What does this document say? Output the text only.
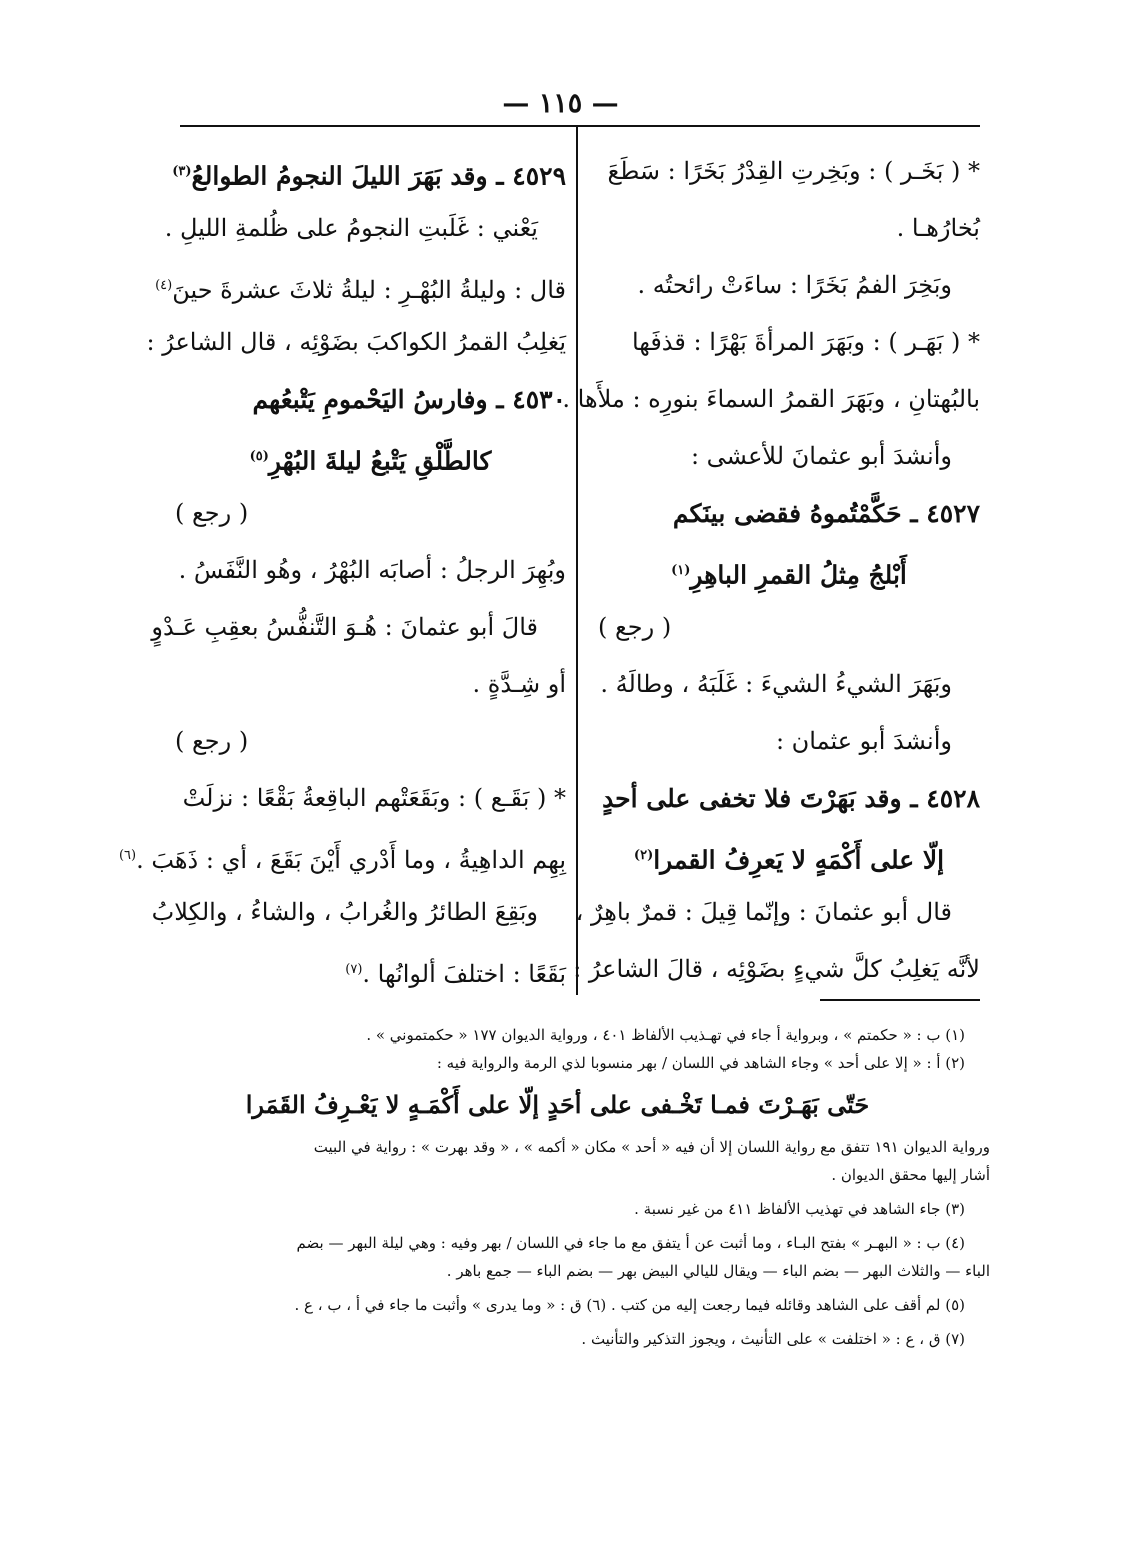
— ١١٥ —
* ( بَخَـر ) : وبَخِرتِ القِدْرُ بَخَرًا : سَطَعَ
بُخارُهـا .
وبَخِرَ الفمُ بَخَرًا : ساءَتْ رائحتُه .
* ( بَهَـر ) : وبَهَرَ المرأةَ بَهْرًا : قذفَها
بالبُهتانِ ، وبَهَرَ القمرُ السماءَ بنورِه : ملأَها .
وأنشدَ أبو عثمانَ للأعشى :
٤٥٢٧ ـ حَكَّمْتُموهُ فقضى بينَكم
أَبْلجُ مِثلُ القمرِ الباهِرِ$^{(١)}$
( رجع )
وبَهَرَ الشيءُ الشيءَ : غَلَبَهُ ، وطالَهُ .
وأنشدَ أبو عثمان :
٤٥٢٨ ـ وقد بَهَرْتَ فلا تخفى على أحدٍ
إلّا على أَكْمَهٍ لا يَعرِفُ القمرا$^{(٢)}$
قال أبو عثمانَ : وإنّما قِيلَ : قمرٌ باهِرٌ ،
لأنَّه يَغلِبُ كلَّ شيءٍ بضَوْئِه ، قالَ الشاعرُ :
٤٥٢٩ ـ وقد بَهَرَ الليلَ النجومُ الطوالعُ$^{(٣)}$
يَعْني : غَلَبتِ النجومُ على ظُلمةِ الليلِ .
قال : وليلةُ البُهْـرِ : ليلةُ ثلاثَ عشرةَ حينَ$^{(٤)}$
يَغلِبُ القمرُ الكواكبَ بضَوْئِه ، قال الشاعرُ :
٤٥٣٠ ـ وفارسُ اليَحْمومِ يَتْبعُهم
كالطَّلْقِ يَتْبعُ ليلةَ البُهْرِ$^{(٥)}$
( رجع )
وبُهِرَ الرجلُ : أصابَه البُهْرُ ، وهُو النَّفَسُ .
قالَ أبو عثمانَ : هُـوَ التَّنفُّسُ بعقِبِ عَـدْوٍ
أو شِـدَّةٍ .
( رجع )
* ( بَقَـع ) : وبَقَعَتْهم الباقِعةُ بَقْعًا : نزلَتْ
بِهِم الداهِيةُ ، وما أَدْري أَيْنَ بَقَعَ ، أي : ذَهَبَ .$^{(٦)}$
وبَقِعَ الطائرُ والغُرابُ ، والشاءُ ، والكِلابُ
بَقَعًا : اختلفَ ألوانُها .$^{(٧)}$
(١) ب : « حكمتم » ، وبرواية أ جاء في تهـذيب الألفاظ ٤٠١ ، ورواية الديوان ١٧٧ « حكمتموني » .
(٢) أ : « إلا على أحد » وجاء الشاهد في اللسان / بهر منسوبا لذي الرمة والرواية فيه :
حَتّى بَهَـرْتَ فمـا تَخْـفى على أحَدٍ إلّا على أَكْمَـهٍ لا يَعْـرِفُ القَمَرا
ورواية الديوان ١٩١ تتفق مع رواية اللسان إلا أن فيه « أحد » مكان « أكمه » ، « وقد بهرت » : رواية في البيت
أشار إليها محقق الديوان .
(٣) جاء الشاهد في تهذيب الألفاظ ٤١١ من غير نسبة .
(٤) ب : « البهـر » بفتح البـاء ، وما أثبت عن أ يتفق مع ما جاء في اللسان / بهر وفيه : وهي ليلة البهر — بضم
الباء — والثلاث البهر — بضم الباء — ويقال لليالي البيض بهر — بضم الباء — جمع باهر .
(٥) لم أقف على الشاهد وقائله فيما رجعت إليه من كتب . (٦) ق : « وما يدرى » وأثبت ما جاء في أ ، ب ، ع .
(٧) ق ، ع : « اختلفت » على التأنيث ، ويجوز التذكير والتأنيث .
